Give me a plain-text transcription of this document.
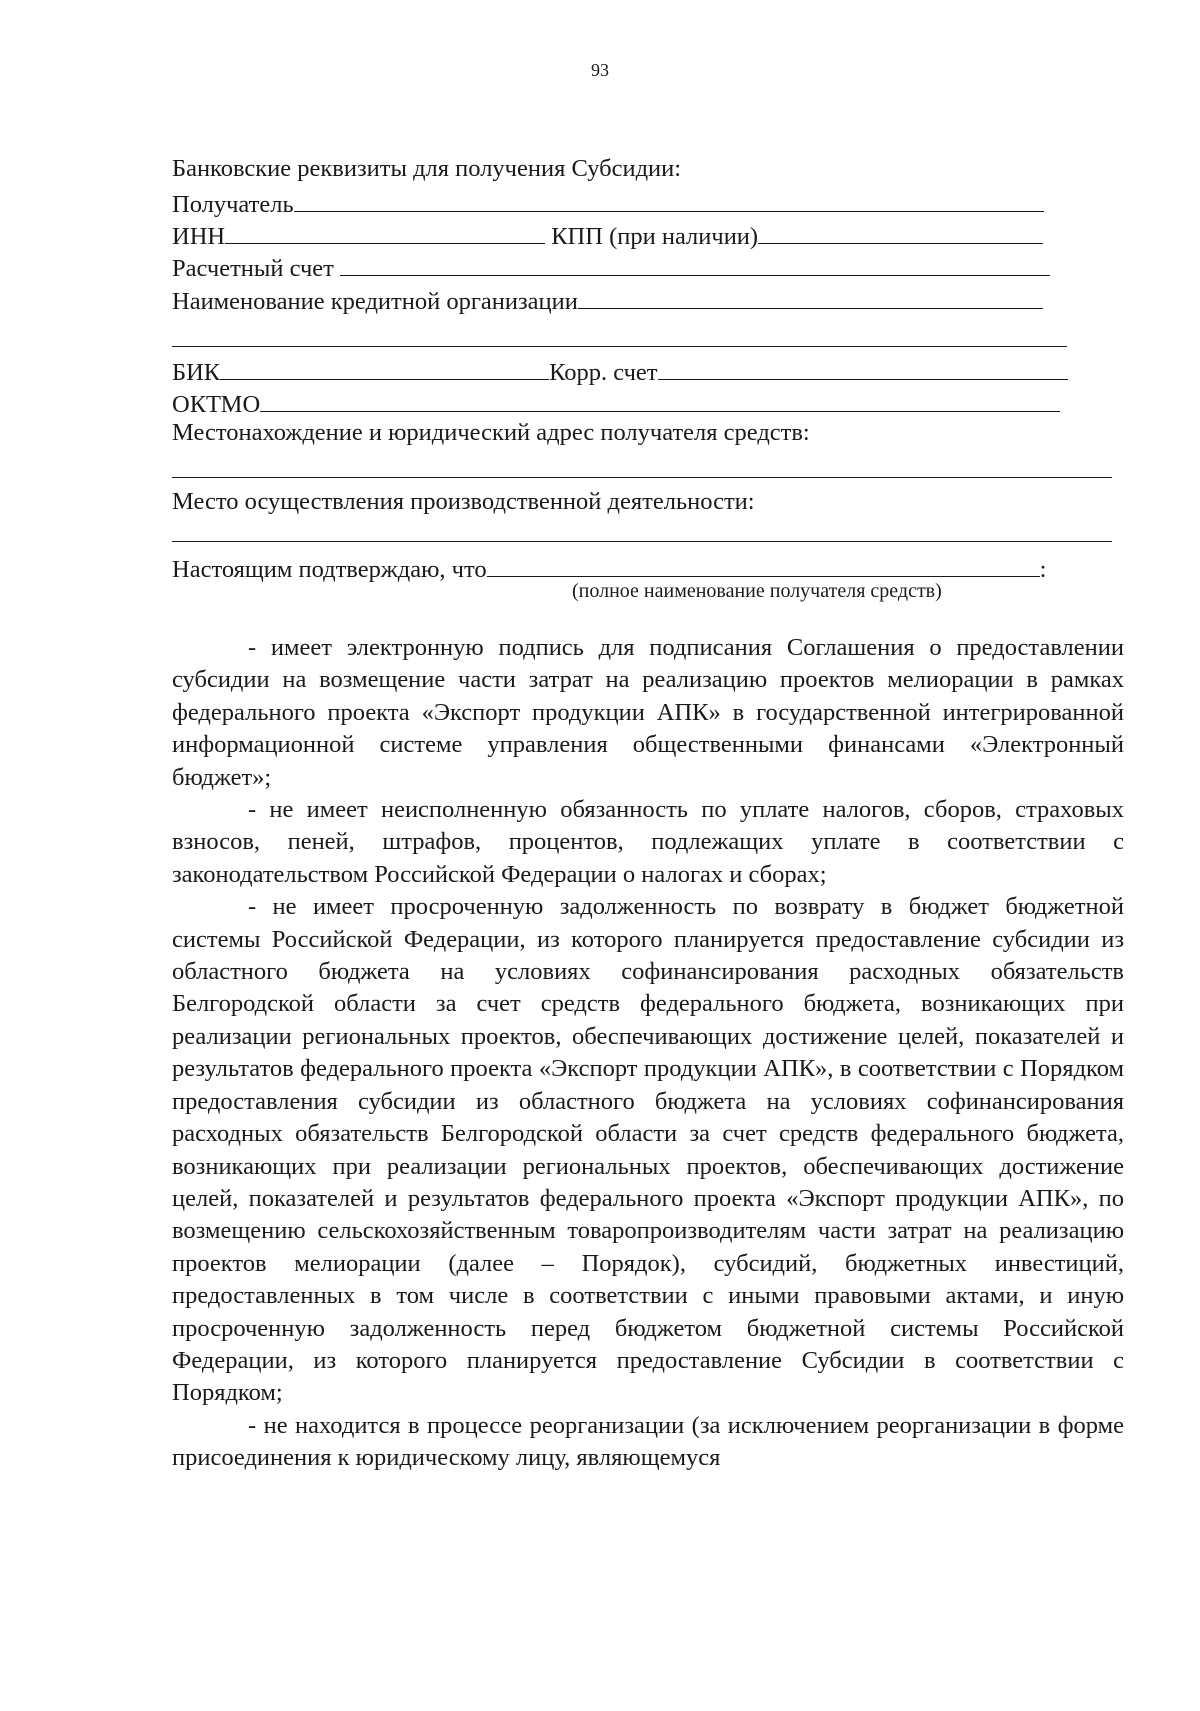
93
Банковские реквизиты для получения Субсидии:
Получатель
ИНН	КПП (при наличии)
Расчетный счет
Наименование кредитной организации
БИК	Корр. счет
ОКТМО
Местонахождение и юридический адрес получателя средств:
Место осуществления производственной деятельности:
Настоящим подтверждаю, что	:
(полное наименование получателя средств)

- имеет электронную подпись для подписания Соглашения о предоставлении субсидии на возмещение части затрат на реализацию проектов мелиорации в рамках федерального проекта «Экспорт продукции АПК» в государственной интегрированной информационной системе управления общественными финансами «Электронный бюджет»;

- не имеет неисполненную обязанность по уплате налогов, сборов, страховых взносов, пеней, штрафов, процентов, подлежащих уплате в соответствии с законодательством Российской Федерации о налогах и сборах;

- не имеет просроченную задолженность по возврату в бюджет бюджетной системы Российской Федерации, из которого планируется предоставление субсидии из областного бюджета на условиях софинансирования расходных обязательств Белгородской области за счет средств федерального бюджета, возникающих при реализации региональных проектов, обеспечивающих достижение целей, показателей и результатов федерального проекта «Экспорт продукции АПК», в соответствии с Порядком предоставления субсидии из областного бюджета на условиях софинансирования расходных обязательств Белгородской области за счет средств федерального бюджета, возникающих при реализации региональных проектов, обеспечивающих достижение целей, показателей и результатов федерального проекта «Экспорт продукции АПК», по возмещению сельскохозяйственным товаропроизводителям части затрат на реализацию проектов мелиорации (далее – Порядок), субсидий, бюджетных инвестиций, предоставленных в том числе в соответствии с иными правовыми актами, и иную просроченную задолженность перед бюджетом бюджетной системы Российской Федерации, из которого планируется предоставление Субсидии в соответствии с Порядком;

- не находится в процессе реорганизации (за исключением реорганизации в форме присоединения к юридическому лицу, являющемуся
